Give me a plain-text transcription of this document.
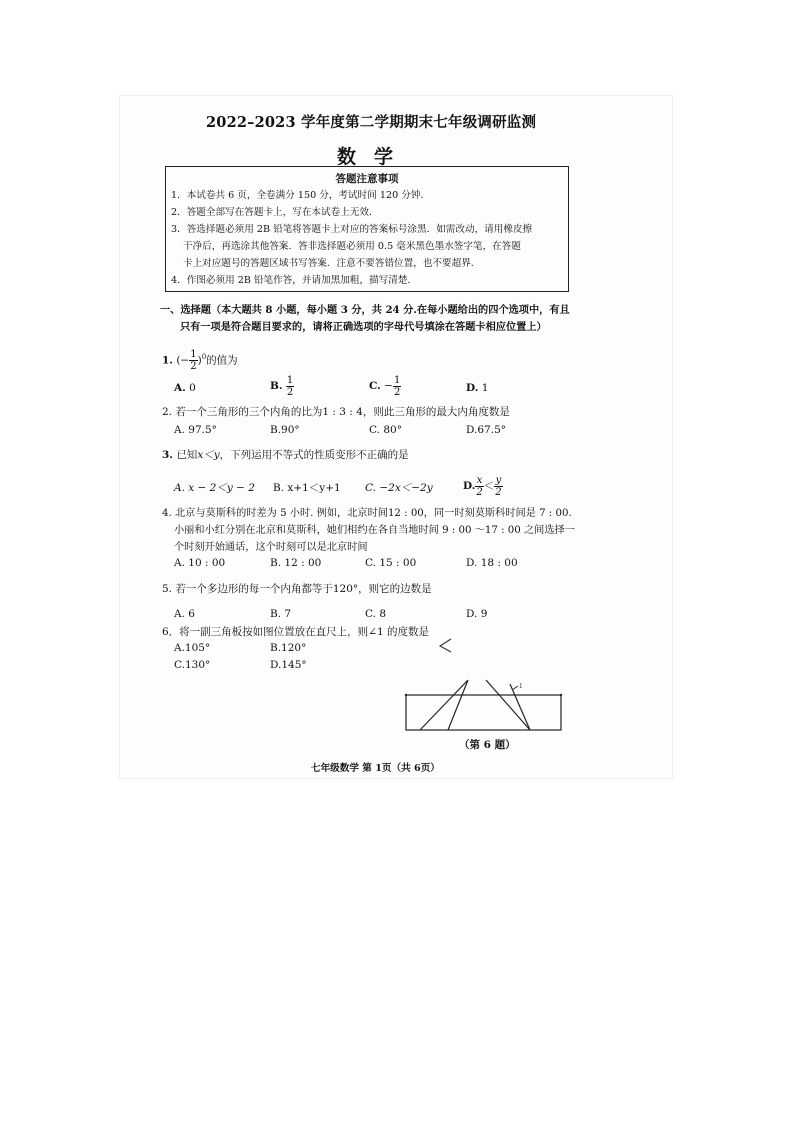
2022–2023 学年度第二学期期末七年级调研监测
数学
答题注意事项
1．本试卷共 6 页，全卷满分 150 分，考试时间 120 分钟．
2．答题全部写在答题卡上，写在本试卷上无效．
3．答选择题必须用 2B 铅笔将答题卡上对应的答案标号涂黑．如需改动，请用橡皮擦
干净后，再选涂其他答案．答非选择题必须用 0.5 毫米黑色墨水签字笔，在答题
卡上对应题号的答题区域书写答案．注意不要答错位置，也不要超界．
4．作图必须用 2B 铅笔作答，并请加黑加粗，描写清楚．
一、选择题（本大题共 8 小题，每小题 3 分，共 24 分.在每小题给出的四个选项中，有且
只有一项是符合题目要求的，请将正确选项的字母代号填涂在答题卡相应位置上）
1. (− $\frac{1}{2} )^0$的值为
A. 0	B. $\frac{1}{2}$	C. − $\frac{1}{2}$	D. 1
2. 若一个三角形的三个内角的比为1 : 3 : 4，则此三角形的最大内角度数是
A. 97.5°	B.90°	C. 80°	D.67.5°
3. 已知x＜y，下列运用不等式的性质变形不正确的是
A. x − 2＜y − 2 B. x+1＜y+1 C. −2x＜−2y	D. $\frac{x}{2} < \frac{y}{2}$
4. 北京与莫斯科的时差为 5 小时. 例如，北京时间12 : 00，同一时刻莫斯科时间是 7 : 00.
小丽和小红分别在北京和莫斯科，她们相约在各自当地时间 9 : 00 ～17 : 00 之间选择一
个时刻开始通话，这个时刻可以是北京时间
A. 10 : 00	B. 12 : 00	C. 15 : 00	D. 18 : 00
5. 若一个多边形的每一个内角都等于120°，则它的边数是
A. 6	B. 7	C. 8	D. 9
6．将一副三角板按如图位置放在直尺上，则∠1 的度数是
A.105°	B.120°
C.130°	D.145°
1
（第 6 题）
七年级数学 第 1页（共 6页）
